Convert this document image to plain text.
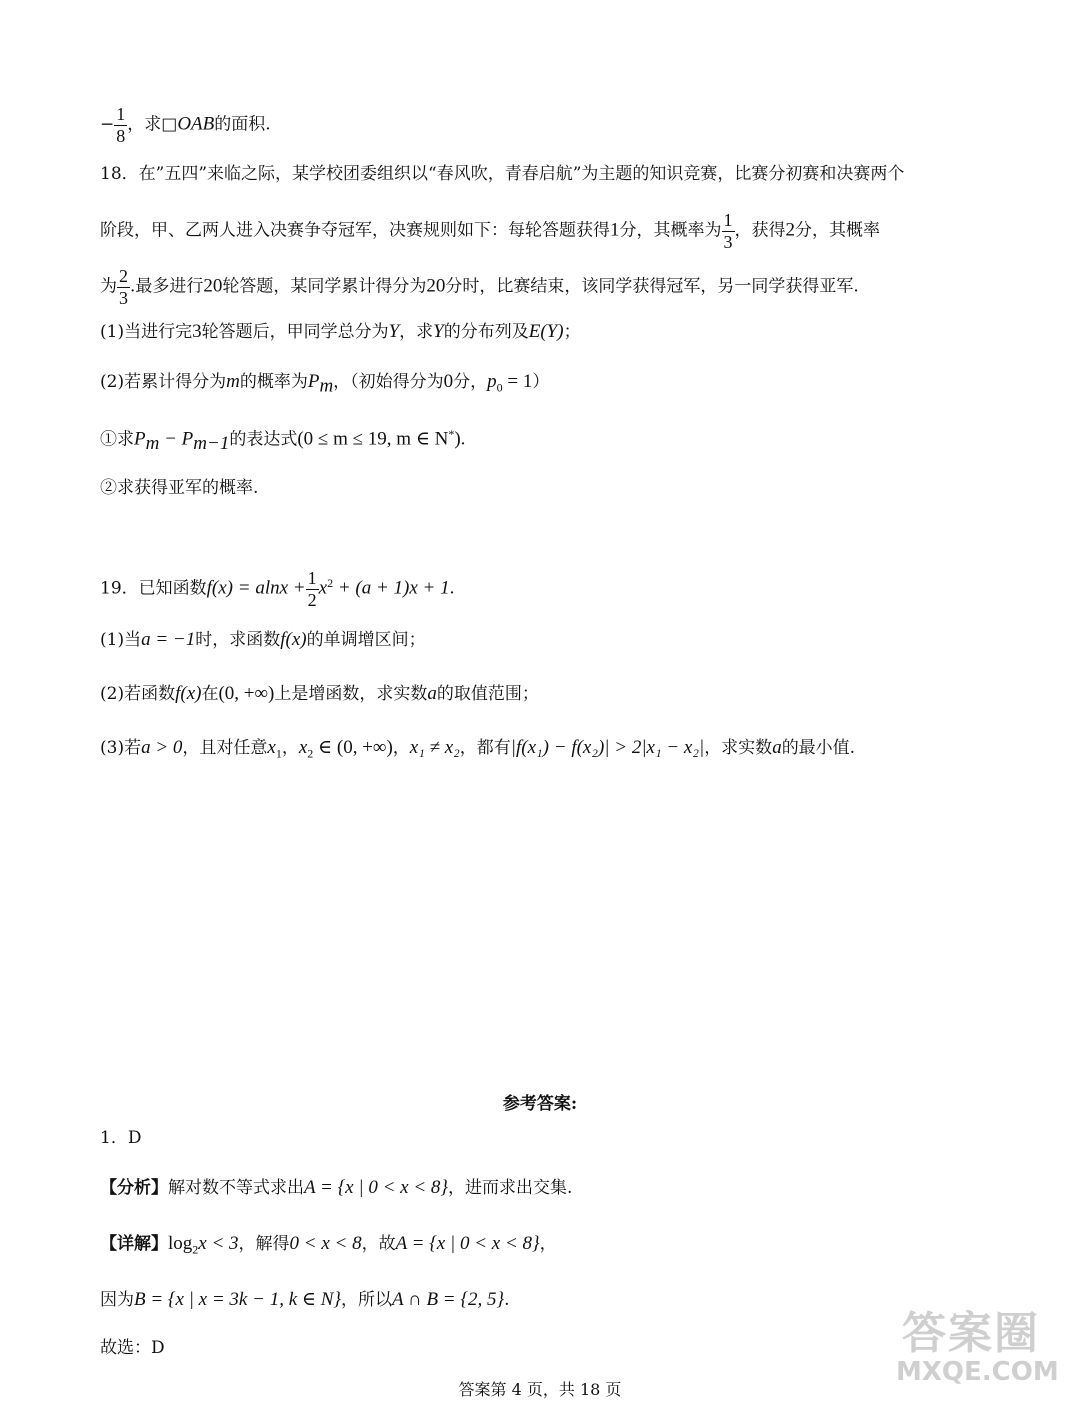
− $\frac{1}{8}$ ，求□OAB的面积.
18．在”五四”来临之际，某学校团委组织以“春风吹，青春启航”为主题的知识竞赛，比赛分初赛和决赛两个
阶段，甲、乙两人进入决赛争夺冠军，决赛规则如下：每轮答题获得1分，其概率为 $\frac{1}{3}$ ，获得2分，其概率
为 $\frac{2}{3}$ .最多进行20轮答题，某同学累计得分为20分时，比赛结束，该同学获得冠军，另一同学获得亚军.
(1)当进行完3轮答题后，甲同学总分为Y，求Y的分布列及E(Y)；
(2)若累计得分为m的概率为$P_m$，（初始得分为0分，$p_0 = 1$）
①求$P_m - P_{m-1}$的表达式(0 ≤ m ≤ 19, m ∈ N*).
②求获得亚军的概率.
19．已知函数$f(x) = alnx + \frac{1}{2} x^2 + (a + 1)x + 1$.
(1)当a = −1时，求函数f(x)的单调增区间；
(2)若函数f(x)在(0, +∞)上是增函数，求实数a的取值范围；
(3)若a > 0，且对任意$x_1$，$x_2$ ∈ (0, +∞)，x₁ ≠ x₂，都有|f(x₁) − f(x₂)| > 2|x₁ − x₂|，求实数a的最小值.
参考答案:
1．D
【分析】解对数不等式求出A = {x | 0 < x < 8}，进而求出交集.
【详解】$\log_2x < 3$，解得0 < x < 8，故A = {x | 0 < x < 8}，
因为B = {x | x = 3k − 1, k ∈ N}，所以A ∩ B = {2, 5}.
故选：D
答案第 4 页，共 18 页
答案圈
MXQE.COM
